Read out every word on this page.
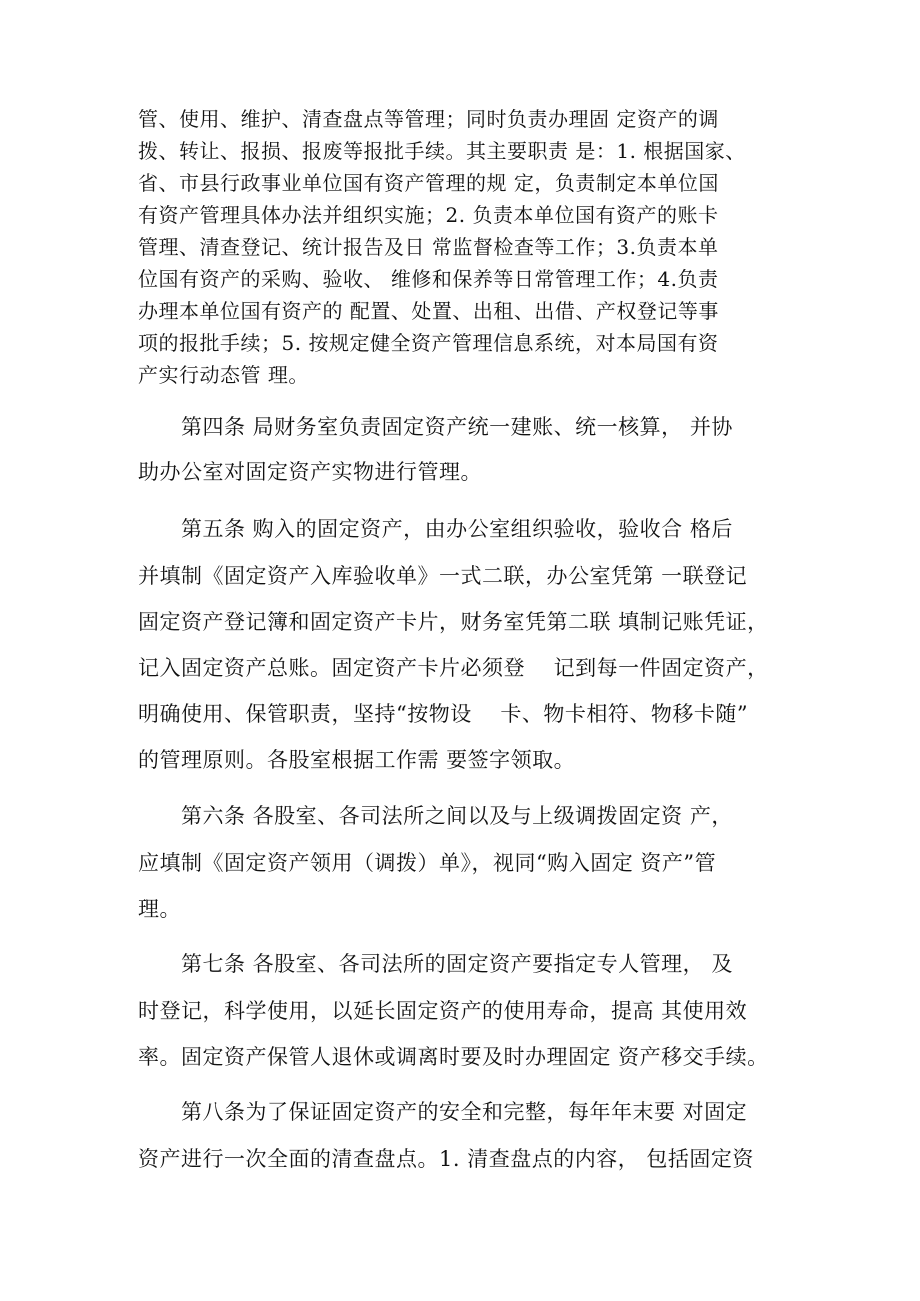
管、使用、维护、清查盘点等管理；同时负责办理固 定资产的调

拨、转让、报损、报废等报批手续。其主要职责 是：1. 根据国家、

省、市县行政事业单位国有资产管理的规 定，负责制定本单位国

有资产管理具体办法并组织实施；2. 负责本单位国有资产的账卡

管理、清查登记、统计报告及日 常监督检查等工作；3.负责本单

位国有资产的采购、验收、 维修和保养等日常管理工作；4.负责

办理本单位国有资产的 配置、处置、出租、出借、产权登记等事

项的报批手续；5. 按规定健全资产管理信息系统，对本局国有资

产实行动态管 理。

　　第四条 局财务室负责固定资产统一建账、统一核算， 并协

助办公室对固定资产实物进行管理。

　　第五条 购入的固定资产，由办公室组织验收，验收合 格后

并填制《固定资产入库验收单》一式二联，办公室凭第 一联登记

固定资产登记簿和固定资产卡片，财务室凭第二联 填制记账凭证，

记入固定资产总账。固定资产卡片必须登　 记到每一件固定资产，

明确使用、保管职责，坚持“按物设　 卡、物卡相符、物移卡随”

的管理原则。各股室根据工作需 要签字领取。

　　第六条 各股室、各司法所之间以及与上级调拨固定资 产，

应填制《固定资产领用（调拨）单》，视同“购入固定 资产”管

理。

　　第七条 各股室、各司法所的固定资产要指定专人管理， 及

时登记，科学使用，以延长固定资产的使用寿命，提高 其使用效

率。固定资产保管人退休或调离时要及时办理固定 资产移交手续。

　　第八条为了保证固定资产的安全和完整，每年年末要 对固定

资产进行一次全面的清查盘点。1. 清查盘点的内容， 包括固定资
